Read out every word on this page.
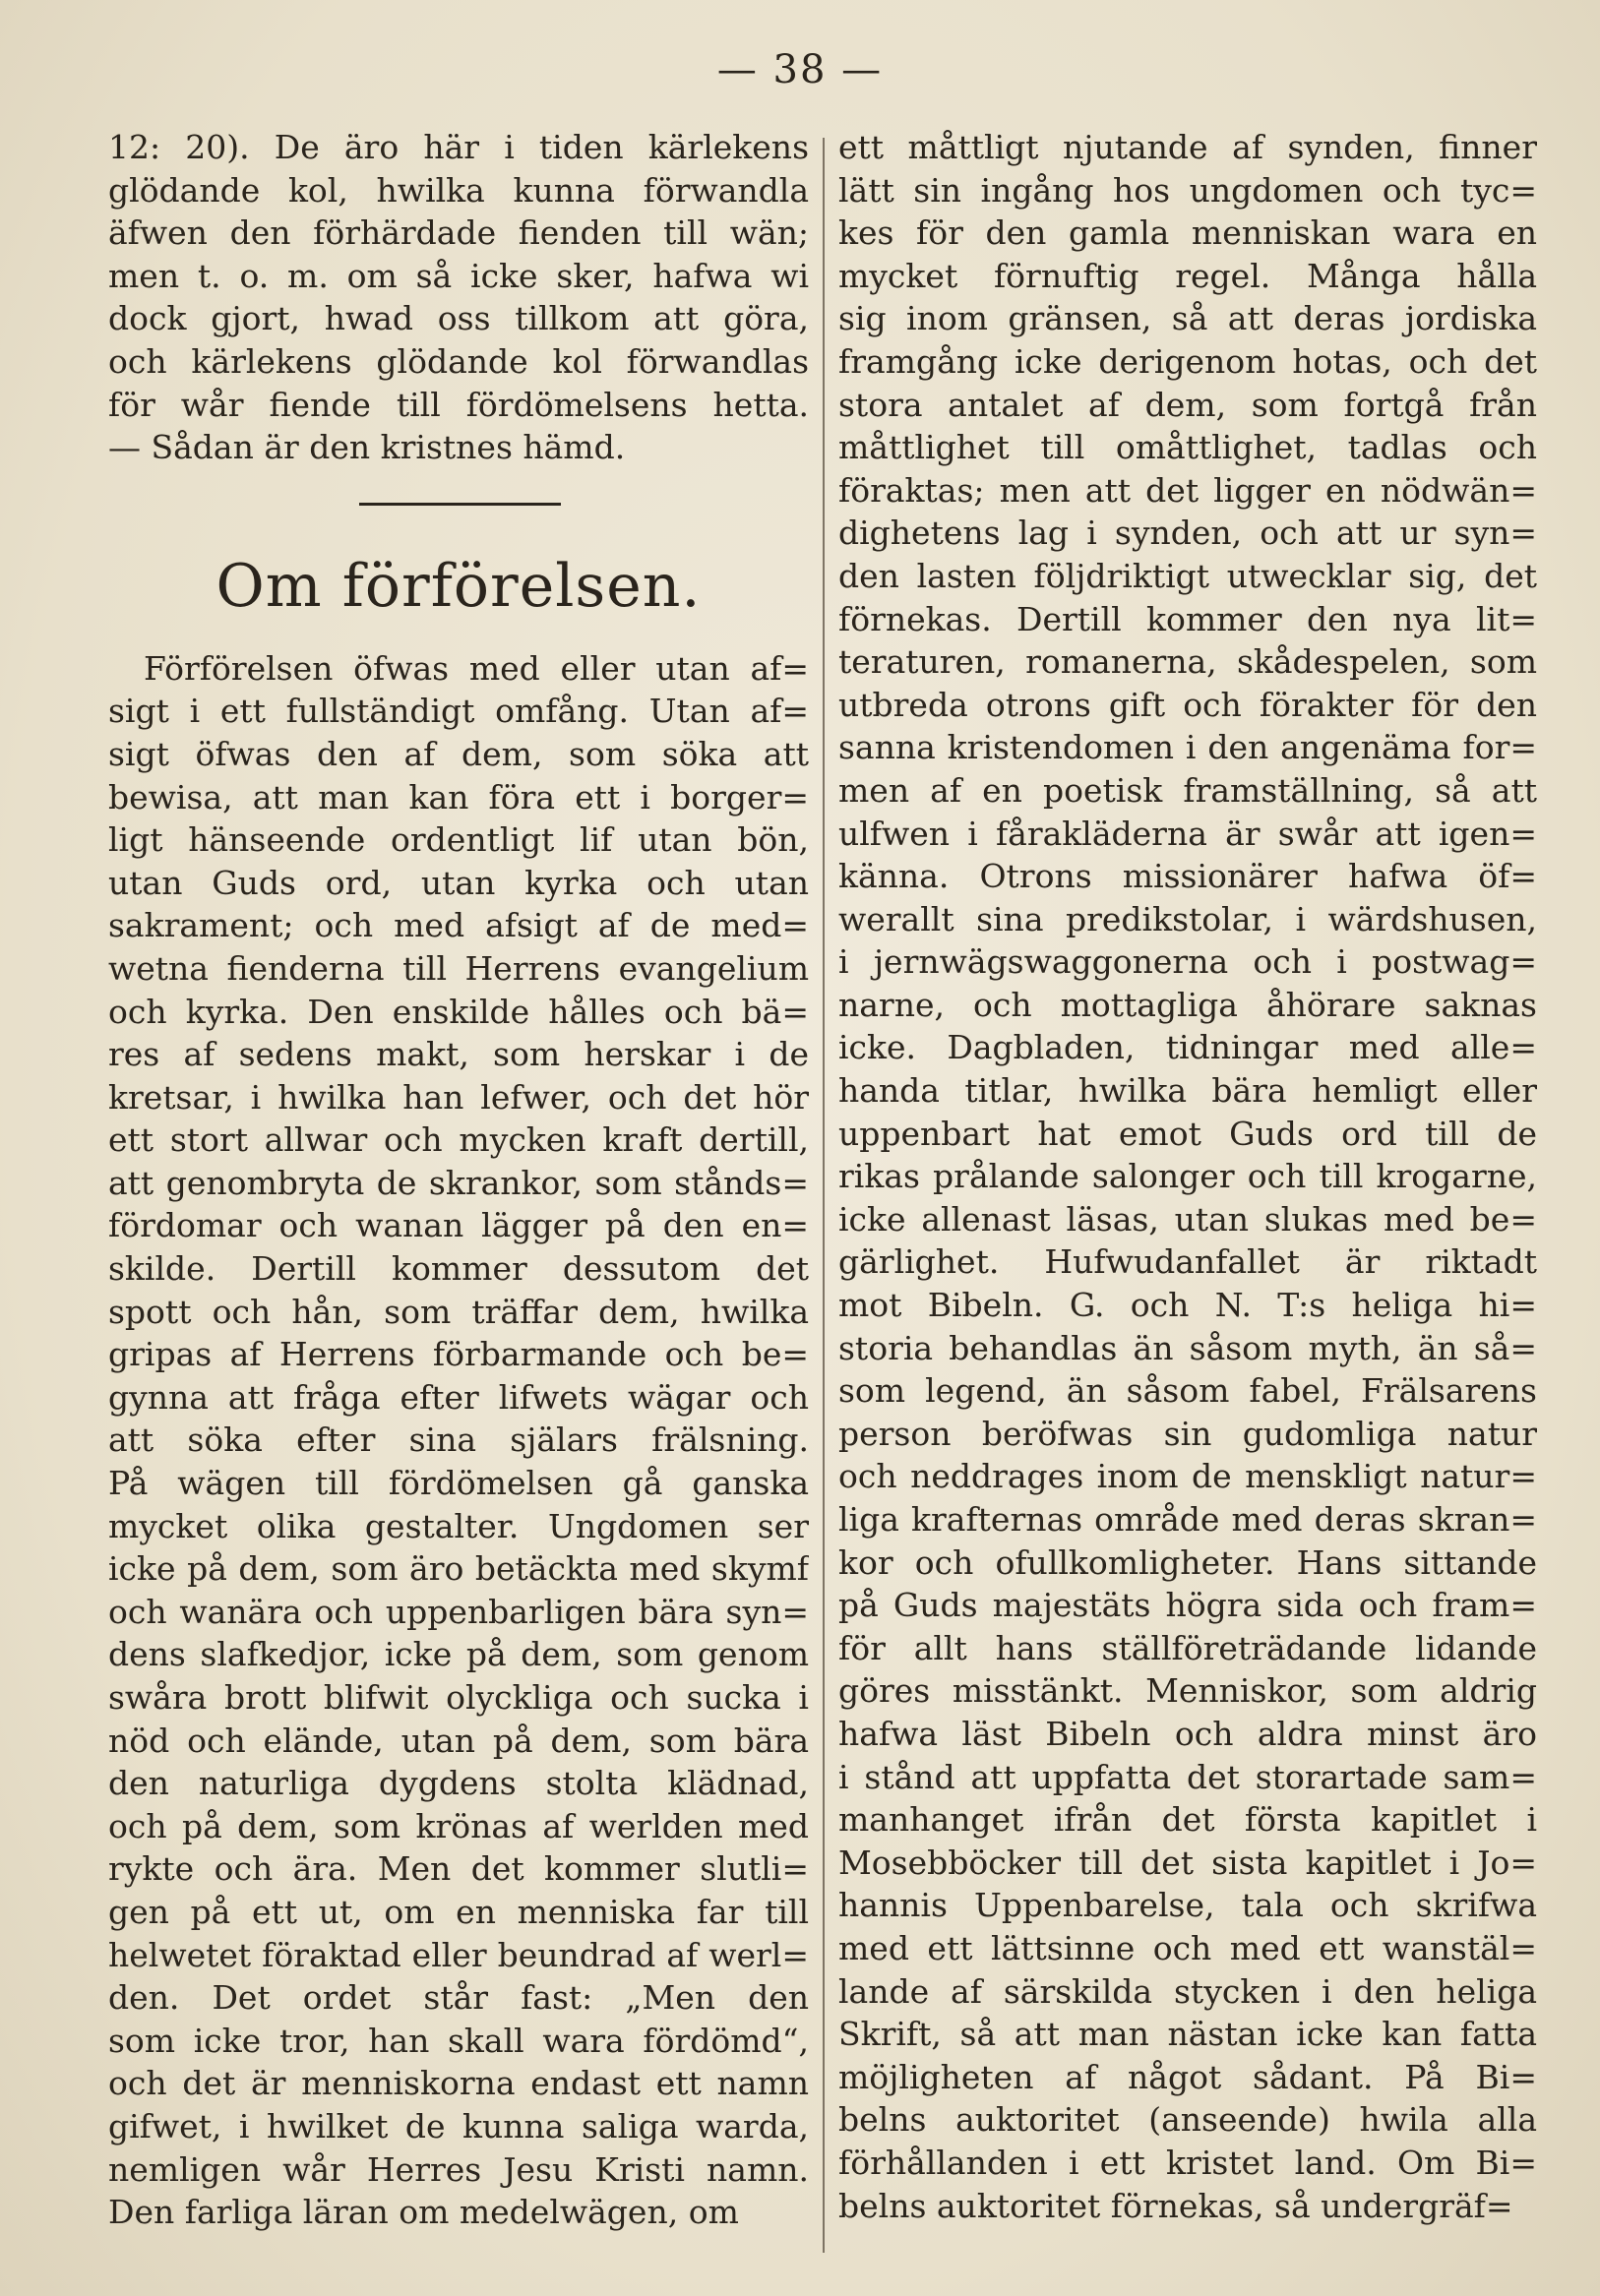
— 38 —
12: 20). De äro här i tiden kärlekens
glödande kol, hwilka kunna förwandla
äfwen den förhärdade fienden till wän;
men t. o. m. om så icke sker, hafwa wi
dock gjort, hwad oss tillkom att göra,
och kärlekens glödande kol förwandlas
för wår fiende till fördömelsens hetta.
— Sådan är den kristnes hämd.
Om förförelsen.
Förförelsen öfwas med eller utan af=
sigt i ett fullständigt omfång. Utan af=
sigt öfwas den af dem, som söka att
bewisa, att man kan föra ett i borger=
ligt hänseende ordentligt lif utan bön,
utan Guds ord, utan kyrka och utan
sakrament; och med afsigt af de med=
wetna fienderna till Herrens evangelium
och kyrka. Den enskilde hålles och bä=
res af sedens makt, som herskar i de
kretsar, i hwilka han lefwer, och det hör
ett stort allwar och mycken kraft dertill,
att genombryta de skrankor, som stånds=
fördomar och wanan lägger på den en=
skilde. Dertill kommer dessutom det
spott och hån, som träffar dem, hwilka
gripas af Herrens förbarmande och be=
gynna att fråga efter lifwets wägar och
att söka efter sina själars frälsning.
På wägen till fördömelsen gå ganska
mycket olika gestalter. Ungdomen ser
icke på dem, som äro betäckta med skymf
och wanära och uppenbarligen bära syn=
dens slafkedjor, icke på dem, som genom
swåra brott blifwit olyckliga och sucka i
nöd och elände, utan på dem, som bära
den naturliga dygdens stolta klädnad,
och på dem, som krönas af werlden med
rykte och ära. Men det kommer slutli=
gen på ett ut, om en menniska far till
helwetet föraktad eller beundrad af werl=
den. Det ordet står fast: „Men den
som icke tror, han skall wara fördömd“,
och det är menniskorna endast ett namn
gifwet, i hwilket de kunna saliga warda,
nemligen wår Herres Jesu Kristi namn.
Den farliga läran om medelwägen, om
ett måttligt njutande af synden, finner
lätt sin ingång hos ungdomen och tyc=
kes för den gamla menniskan wara en
mycket förnuftig regel. Många hålla
sig inom gränsen, så att deras jordiska
framgång icke derigenom hotas, och det
stora antalet af dem, som fortgå från
måttlighet till omåttlighet, tadlas och
föraktas; men att det ligger en nödwän=
dighetens lag i synden, och att ur syn=
den lasten följdriktigt utwecklar sig, det
förnekas. Dertill kommer den nya lit=
teraturen, romanerna, skådespelen, som
utbreda otrons gift och förakter för den
sanna kristendomen i den angenäma for=
men af en poetisk framställning, så att
ulfwen i fårakläderna är swår att igen=
känna. Otrons missionärer hafwa öf=
werallt sina predikstolar, i wärdshusen,
i jernwägswaggonerna och i postwag=
narne, och mottagliga åhörare saknas
icke. Dagbladen, tidningar med alle=
handa titlar, hwilka bära hemligt eller
uppenbart hat emot Guds ord till de
rikas prålande salonger och till krogarne,
icke allenast läsas, utan slukas med be=
gärlighet. Hufwudanfallet är riktadt
mot Bibeln. G. och N. T:s heliga hi=
storia behandlas än såsom myth, än så=
som legend, än såsom fabel, Frälsarens
person beröfwas sin gudomliga natur
och neddrages inom de menskligt natur=
liga krafternas område med deras skran=
kor och ofullkomligheter. Hans sittande
på Guds majestäts högra sida och fram=
för allt hans ställföreträdande lidande
göres misstänkt. Menniskor, som aldrig
hafwa läst Bibeln och aldra minst äro
i stånd att uppfatta det storartade sam=
manhanget ifrån det första kapitlet i
Mosebböcker till det sista kapitlet i Jo=
hannis Uppenbarelse, tala och skrifwa
med ett lättsinne och med ett wanstäl=
lande af särskilda stycken i den heliga
Skrift, så att man nästan icke kan fatta
möjligheten af något sådant. På Bi=
belns auktoritet (anseende) hwila alla
förhållanden i ett kristet land. Om Bi=
belns auktoritet förnekas, så undergräf=
